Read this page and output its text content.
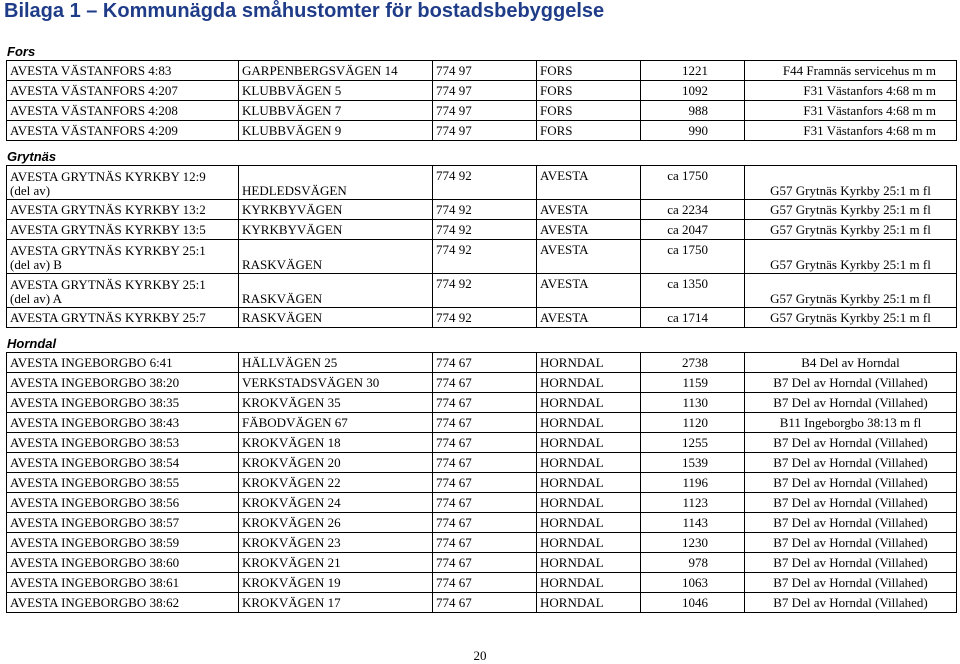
Bilaga 1 – Kommunägda småhustomter för bostadsbebyggelse
Fors
AVESTA VÄSTANFORS 4:83	GARPENBERGSVÄGEN 14	774 97	FORS	1221	F44 Framnäs servicehus m m
AVESTA VÄSTANFORS 4:207	KLUBBVÄGEN 5	774 97	FORS	1092	F31 Västanfors 4:68 m m
AVESTA VÄSTANFORS 4:208	KLUBBVÄGEN 7	774 97	FORS	988	F31 Västanfors 4:68 m m
AVESTA VÄSTANFORS 4:209	KLUBBVÄGEN 9	774 97	FORS	990	F31 Västanfors 4:68 m m
Grytnäs
AVESTA GRYTNÄS KYRKBY 12:9
(del av)	HEDLEDSVÄGEN	774 92	AVESTA	ca 1750	G57 Grytnäs Kyrkby 25:1 m fl
AVESTA GRYTNÄS KYRKBY 13:2	KYRKBYVÄGEN	774 92	AVESTA	ca 2234	G57 Grytnäs Kyrkby 25:1 m fl
AVESTA GRYTNÄS KYRKBY 13:5	KYRKBYVÄGEN	774 92	AVESTA	ca 2047	G57 Grytnäs Kyrkby 25:1 m fl
AVESTA GRYTNÄS KYRKBY 25:1
(del av) B	RASKVÄGEN	774 92	AVESTA	ca 1750	G57 Grytnäs Kyrkby 25:1 m fl
AVESTA GRYTNÄS KYRKBY 25:1
(del av) A	RASKVÄGEN	774 92	AVESTA	ca 1350	G57 Grytnäs Kyrkby 25:1 m fl
AVESTA GRYTNÄS KYRKBY 25:7	RASKVÄGEN	774 92	AVESTA	ca 1714	G57 Grytnäs Kyrkby 25:1 m fl
Horndal
AVESTA INGEBORGBO 6:41	HÄLLVÄGEN 25	774 67	HORNDAL	2738	B4 Del av Horndal
AVESTA INGEBORGBO 38:20	VERKSTADSVÄGEN 30	774 67	HORNDAL	1159	B7 Del av Horndal (Villahed)
AVESTA INGEBORGBO 38:35	KROKVÄGEN 35	774 67	HORNDAL	1130	B7 Del av Horndal (Villahed)
AVESTA INGEBORGBO 38:43	FÄBODVÄGEN 67	774 67	HORNDAL	1120	B11 Ingeborgbo 38:13 m fl
AVESTA INGEBORGBO 38:53	KROKVÄGEN 18	774 67	HORNDAL	1255	B7 Del av Horndal (Villahed)
AVESTA INGEBORGBO 38:54	KROKVÄGEN 20	774 67	HORNDAL	1539	B7 Del av Horndal (Villahed)
AVESTA INGEBORGBO 38:55	KROKVÄGEN 22	774 67	HORNDAL	1196	B7 Del av Horndal (Villahed)
AVESTA INGEBORGBO 38:56	KROKVÄGEN 24	774 67	HORNDAL	1123	B7 Del av Horndal (Villahed)
AVESTA INGEBORGBO 38:57	KROKVÄGEN 26	774 67	HORNDAL	1143	B7 Del av Horndal (Villahed)
AVESTA INGEBORGBO 38:59	KROKVÄGEN 23	774 67	HORNDAL	1230	B7 Del av Horndal (Villahed)
AVESTA INGEBORGBO 38:60	KROKVÄGEN 21	774 67	HORNDAL	978	B7 Del av Horndal (Villahed)
AVESTA INGEBORGBO 38:61	KROKVÄGEN 19	774 67	HORNDAL	1063	B7 Del av Horndal (Villahed)
AVESTA INGEBORGBO 38:62	KROKVÄGEN 17	774 67	HORNDAL	1046	B7 Del av Horndal (Villahed)
20
